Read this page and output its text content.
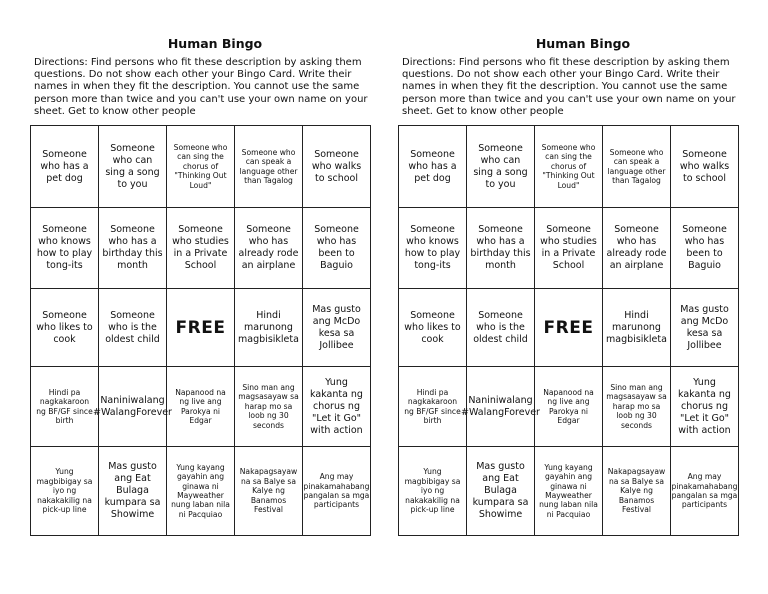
Human Bingo
Directions: Find persons who fit these description by asking them questions. Do not show each other your Bingo Card. Write their names in when they fit the description. You cannot use the same person more than twice and you can't use your own name on your sheet. Get to know other people
Someone who has a pet dog
Someone who can sing a song to you
Someone who can sing the chorus of "Thinking Out Loud"
Someone who can speak a language other than Tagalog
Someone who walks to school
Someone who knows how to play tong-its
Someone who has a birthday this month
Someone who studies in a Private School
Someone who has already rode an airplane
Someone who has been to Baguio
Someone who likes to cook
Someone who is the oldest child
FREE
Hindi marunong magbisikleta
Mas gusto ang McDo kesa sa Jollibee
Hindi pa nagkakaroon ng BF/GF since birth
Naniniwalang #WalangForever
Napanood na ng live ang Parokya ni Edgar
Sino man ang magsasayaw sa harap mo sa loob ng 30 seconds
Yung kakanta ng chorus ng "Let it Go" with action
Yung magbibigay sa iyo ng nakakakilig na pick-up line
Mas gusto ang Eat Bulaga kumpara sa Showime
Yung kayang gayahin ang ginawa ni Mayweather nung laban nila ni Pacquiao
Nakapagsayaw na sa Balye sa Kalye ng Banamos Festival
Ang may pinakamahabang pangalan sa mga participants
Human Bingo
Directions: Find persons who fit these description by asking them questions. Do not show each other your Bingo Card. Write their names in when they fit the description. You cannot use the same person more than twice and you can't use your own name on your sheet. Get to know other people
Someone who has a pet dog
Someone who can sing a song to you
Someone who can sing the chorus of "Thinking Out Loud"
Someone who can speak a language other than Tagalog
Someone who walks to school
Someone who knows how to play tong-its
Someone who has a birthday this month
Someone who studies in a Private School
Someone who has already rode an airplane
Someone who has been to Baguio
Someone who likes to cook
Someone who is the oldest child
FREE
Hindi marunong magbisikleta
Mas gusto ang McDo kesa sa Jollibee
Hindi pa nagkakaroon ng BF/GF since birth
Naniniwalang #WalangForever
Napanood na ng live ang Parokya ni Edgar
Sino man ang magsasayaw sa harap mo sa loob ng 30 seconds
Yung kakanta ng chorus ng "Let it Go" with action
Yung magbibigay sa iyo ng nakakakilig na pick-up line
Mas gusto ang Eat Bulaga kumpara sa Showime
Yung kayang gayahin ang ginawa ni Mayweather nung laban nila ni Pacquiao
Nakapagsayaw na sa Balye sa Kalye ng Banamos Festival
Ang may pinakamahabang pangalan sa mga participants
